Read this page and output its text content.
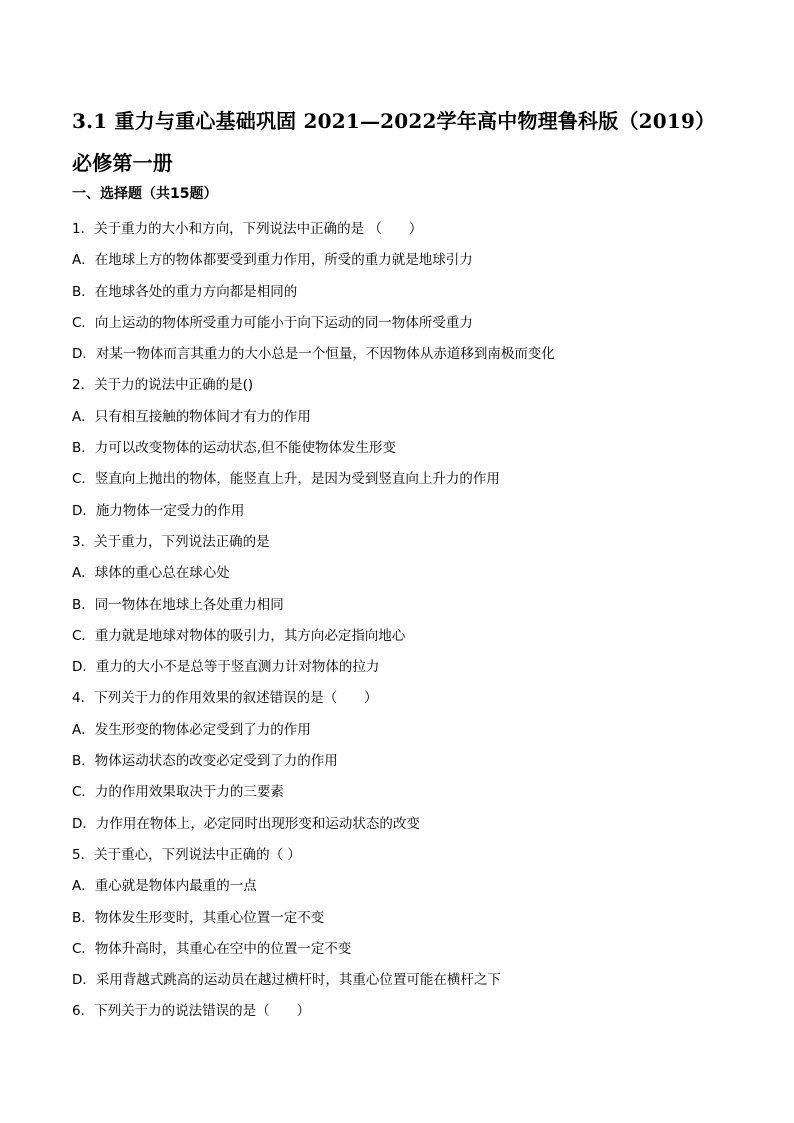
3.1 重力与重心基础巩固 2021—2022学年高中物理鲁科版（2019）必修第一册
一、选择题（共15题）
1．关于重力的大小和方向，下列说法中正确的是 （　　）
A．在地球上方的物体都要受到重力作用，所受的重力就是地球引力
B．在地球各处的重力方向都是相同的
C．向上运动的物体所受重力可能小于向下运动的同一物体所受重力
D．对某一物体而言其重力的大小总是一个恒量，不因物体从赤道移到南极而变化
2．关于力的说法中正确的是()
A．只有相互接触的物体间才有力的作用
B．力可以改变物体的运动状态,但不能使物体发生形变
C．竖直向上抛出的物体，能竖直上升，是因为受到竖直向上升力的作用
D．施力物体一定受力的作用
3．关于重力，下列说法正确的是
A．球体的重心总在球心处
B．同一物体在地球上各处重力相同
C．重力就是地球对物体的吸引力，其方向必定指向地心
D．重力的大小不是总等于竖直测力计对物体的拉力
4．下列关于力的作用效果的叙述错误的是（　　）
A．发生形变的物体必定受到了力的作用
B．物体运动状态的改变必定受到了力的作用
C．力的作用效果取决于力的三要素
D．力作用在物体上，必定同时出现形变和运动状态的改变
5．关于重心，下列说法中正确的（ ）
A．重心就是物体内最重的一点
B．物体发生形变时，其重心位置一定不变
C．物体升高时，其重心在空中的位置一定不变
D．采用背越式跳高的运动员在越过横杆时，其重心位置可能在横杆之下
6．下列关于力的说法错误的是（　　）
